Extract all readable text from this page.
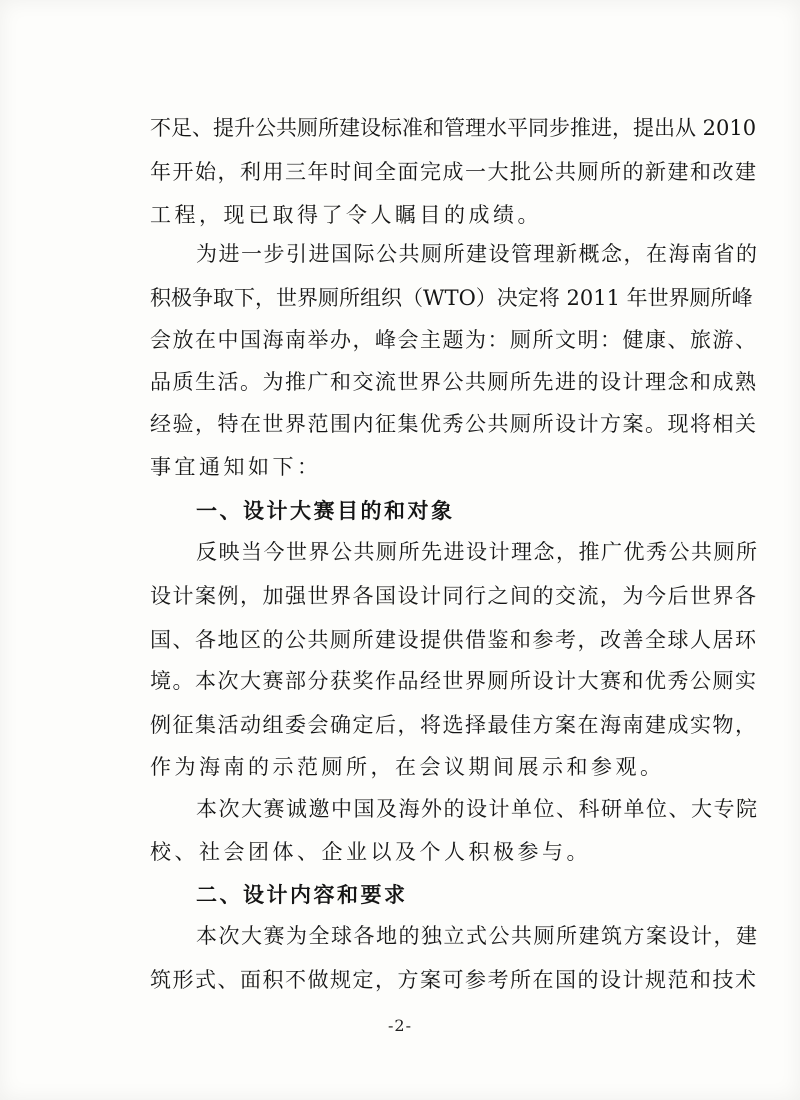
不足、提升公共厕所建设标准和管理水平同步推进，提出从 2010

年开始，利用三年时间全面完成一大批公共厕所的新建和改建

工程，现已取得了令人瞩目的成绩。

为进一步引进国际公共厕所建设管理新概念，在海南省的

积极争取下，世界厕所组织（WTO）决定将 2011 年世界厕所峰

会放在中国海南举办，峰会主题为：厕所文明：健康、旅游、

品质生活。为推广和交流世界公共厕所先进的设计理念和成熟

经验，特在世界范围内征集优秀公共厕所设计方案。现将相关

事宜通知如下：

一、设计大赛目的和对象

反映当今世界公共厕所先进设计理念，推广优秀公共厕所

设计案例，加强世界各国设计同行之间的交流，为今后世界各

国、各地区的公共厕所建设提供借鉴和参考，改善全球人居环

境。本次大赛部分获奖作品经世界厕所设计大赛和优秀公厕实

例征集活动组委会确定后，将选择最佳方案在海南建成实物，

作为海南的示范厕所，在会议期间展示和参观。

本次大赛诚邀中国及海外的设计单位、科研单位、大专院

校、社会团体、企业以及个人积极参与。

二、设计内容和要求

本次大赛为全球各地的独立式公共厕所建筑方案设计，建

筑形式、面积不做规定，方案可参考所在国的设计规范和技术

-2-
